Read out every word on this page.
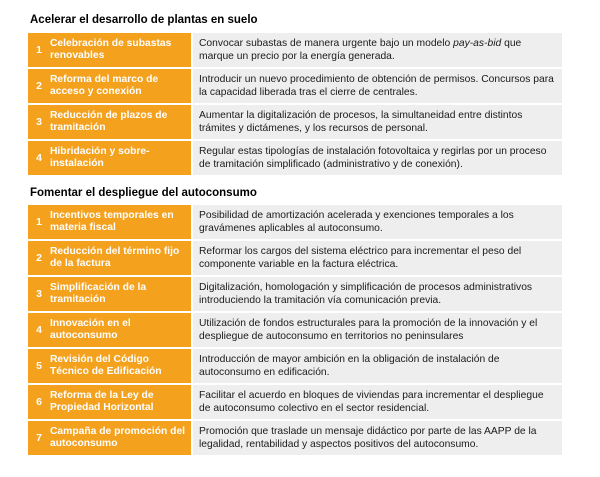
Acelerar el desarrollo de plantas en suelo
1
Celebración de subastas renovables
Convocar subastas de manera urgente bajo un modelo pay-as-bid que marque un precio por la energía generada.
2
Reforma del marco de acceso y conexión
Introducir un nuevo procedimiento de obtención de permisos. Concursos para la capacidad liberada tras el cierre de centrales.
3
Reducción de plazos de tramitación
Aumentar la digitalización de procesos, la simultaneidad entre distintos trámites y dictámenes, y los recursos de personal.
4
Hibridación y sobre-instalación
Regular estas tipologías de instalación fotovoltaica y regirlas por un proceso de tramitación simplificado (administrativo y de conexión).
Fomentar el despliegue del autoconsumo
1
Incentivos temporales en materia fiscal
Posibilidad de amortización acelerada y exenciones temporales a los gravámenes aplicables al autoconsumo.
2
Reducción del término fijo de la factura
Reformar los cargos del sistema eléctrico para incrementar el peso del componente variable en la factura eléctrica.
3
Simplificación de la tramitación
Digitalización, homologación y simplificación de procesos administrativos introduciendo la tramitación vía comunicación previa.
4
Innovación en el autoconsumo
Utilización de fondos estructurales para la promoción de la innovación y el despliegue de autoconsumo en territorios no peninsulares
5
Revisión del Código Técnico de Edificación
Introducción de mayor ambición en la obligación de instalación de autoconsumo en edificación.
6
Reforma de la Ley de Propiedad Horizontal
Facilitar el acuerdo en bloques de viviendas para incrementar el despliegue de autoconsumo colectivo en el sector residencial.
7
Campaña de promoción del autoconsumo
Promoción que traslade un mensaje didáctico por parte de las AAPP de la legalidad, rentabilidad y aspectos positivos del autoconsumo.
